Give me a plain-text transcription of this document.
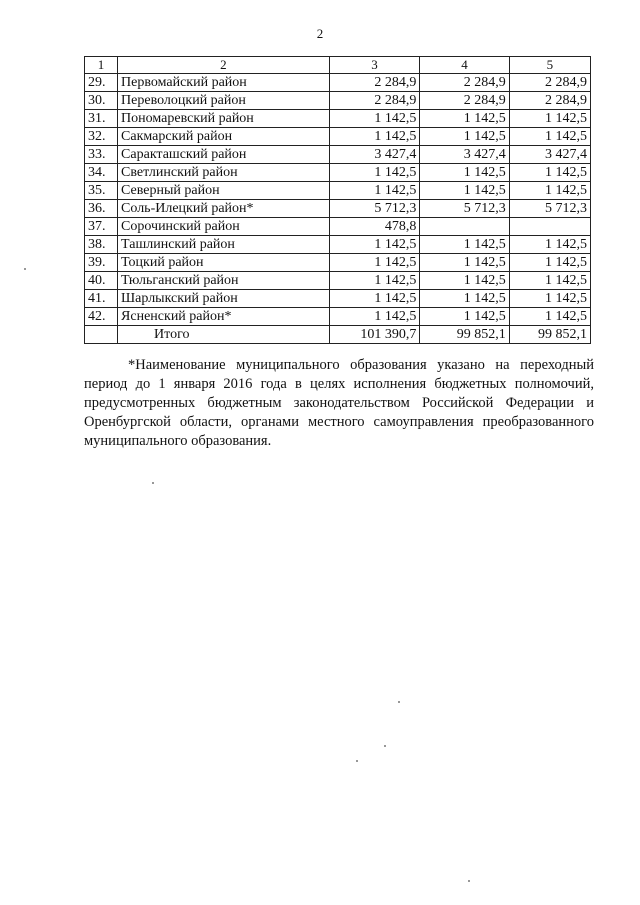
2
1	2	3	4	5
29.	Первомайский район	2 284,9	2 284,9	2 284,9
30.	Переволоцкий район	2 284,9	2 284,9	2 284,9
31.	Пономаревский район	1 142,5	1 142,5	1 142,5
32.	Сакмарский район	1 142,5	1 142,5	1 142,5
33.	Саракташский район	3 427,4	3 427,4	3 427,4
34.	Светлинский район	1 142,5	1 142,5	1 142,5
35.	Северный район	1 142,5	1 142,5	1 142,5
36.	Соль-Илецкий район*	5 712,3	5 712,3	5 712,3
37.	Сорочинский район	478,8		
38.	Ташлинский район	1 142,5	1 142,5	1 142,5
39.	Тоцкий район	1 142,5	1 142,5	1 142,5
40.	Тюльганский район	1 142,5	1 142,5	1 142,5
41.	Шарлыкский район	1 142,5	1 142,5	1 142,5
42.	Ясненский район*	1 142,5	1 142,5	1 142,5
	Итого	101 390,7	99 852,1	99 852,1
*Наименование муниципального образования указано на переходный период до 1 января 2016 года в целях исполнения бюджетных полномочий, предусмотренных бюджетным законодательством Российской Федерации и Оренбургской области, органами местного самоуправления преобразованного муниципального образования.
